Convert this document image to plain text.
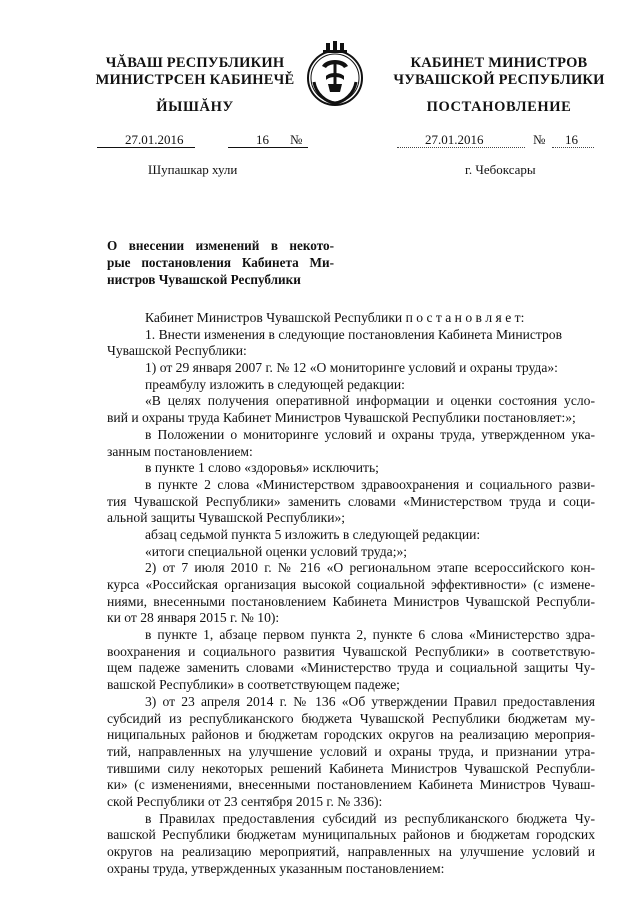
ЧĂВАШ РЕСПУБЛИКИН
МИНИСТРСЕН КАБИНЕЧĚ
ЙЫШĂНУ
КАБИНЕТ МИНИСТРОВ
ЧУВАШСКОЙ РЕСПУБЛИКИ
ПОСТАНОВЛЕНИЕ
27.01.2016	16 №	27.01.2016	№ 16
Шупашкар хули	г. Чебоксары
О внесении изменений в некото-
рые постановления Кабинета Ми-
нистров Чувашской Республики
Кабинет Министров Чувашской Республики п о с т а н о в л я е т:
1. Внести изменения в следующие постановления Кабинета Министров
Чувашской Республики:
1) от 29 января 2007 г. № 12 «О мониторинге условий и охраны труда»:
преамбулу изложить в следующей редакции:
«В целях получения оперативной информации и оценки состояния усло-
вий и охраны труда Кабинет Министров Чувашской Республики постановляет:»;
в Положении о мониторинге условий и охраны труда, утвержденном ука-
занным постановлением:
в пункте 1 слово «здоровья» исключить;
в пункте 2 слова «Министерством здравоохранения и социального разви-
тия Чувашской Республики» заменить словами «Министерством труда и соци-
альной защиты Чувашской Республики»;
абзац седьмой пункта 5 изложить в следующей редакции:
«итоги специальной оценки условий труда;»;
2) от 7 июля 2010 г. № 216 «О региональном этапе всероссийского кон-
курса «Российская организация высокой социальной эффективности» (с измене-
ниями, внесенными постановлением Кабинета Министров Чувашской Республи-
ки от 28 января 2015 г. № 10):
в пункте 1, абзаце первом пункта 2, пункте 6 слова «Министерство здра-
воохранения и социального развития Чувашской Республики» в соответствую-
щем падеже заменить словами «Министерство труда и социальной защиты Чу-
вашской Республики» в соответствующем падеже;
3) от 23 апреля 2014 г. № 136 «Об утверждении Правил предоставления
субсидий из республиканского бюджета Чувашской Республики бюджетам му-
ниципальных районов и бюджетам городских округов на реализацию мероприя-
тий, направленных на улучшение условий и охраны труда, и признании утра-
тившими силу некоторых решений Кабинета Министров Чувашской Республи-
ки» (с изменениями, внесенными постановлением Кабинета Министров Чуваш-
ской Республики от 23 сентября 2015 г. № 336):
в Правилах предоставления субсидий из республиканского бюджета Чу-
вашской Республики бюджетам муниципальных районов и бюджетам городских
округов на реализацию мероприятий, направленных на улучшение условий и
охраны труда, утвержденных указанным постановлением:
